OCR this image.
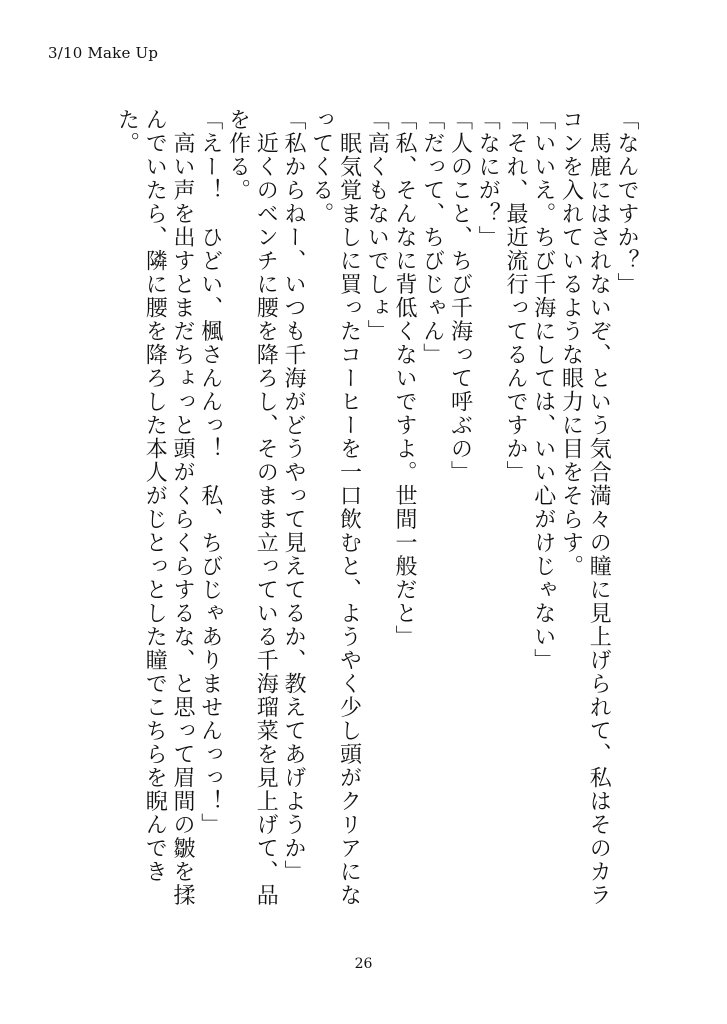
3/10 Make Up

「なんですか？」

　馬鹿にはされないぞ、という気合満々の瞳に見上げられて、私はそのカラコンを入れているような眼力に目をそらす。

「いいえ。ちび千海にしては、いい心がけじゃない」

「それ、最近流行ってるんですか」

「なにが？」

「人のこと、ちび千海って呼ぶの」

「だって、ちびじゃん」

「私、そんなに背低くないですよ。世間一般だと」

「高くもないでしょ」

　眠気覚ましに買ったコーヒーを一口飲むと、ようやく少し頭がクリアになってくる。

「私からねー、いつも千海がどうやって見えてるか、教えてあげようか」

　近くのベンチに腰を降ろし、そのまま立っている千海瑠菜を見上げて、品を作る。

「えー！　ひどい、楓さんんっ！　私、ちびじゃありませんっっ！」

　高い声を出すとまだちょっと頭がくらくらするな、と思って眉間の皺を揉んでいたら、隣に腰を降ろした本人がじとっとした瞳でこちらを睨んできた。

26
